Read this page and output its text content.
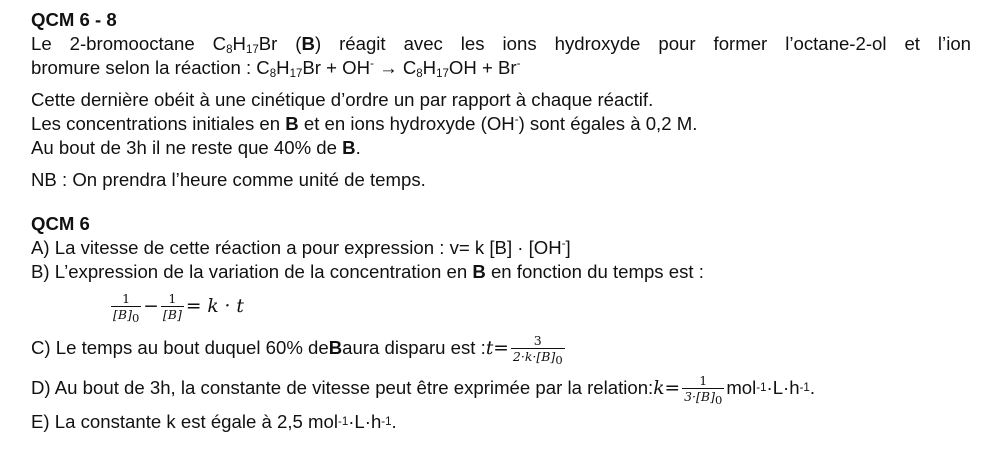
QCM 6 - 8
Le 2-bromooctane $C_8H_{17}Br$ (B) réagit avec les ions hydroxyde pour former l’octane-2-ol et l’ion
bromure selon la réaction : $C_8H_{17}Br + OH^- \to C_8H_{17}OH + Br^-$
Cette dernière obéit à une cinétique d’ordre un par rapport à chaque réactif.
Les concentrations initiales en B et en ions hydroxyde (OH-) sont égales à 0,2 M.
Au bout de 3h il ne reste que 40% de B.
NB : On prendra l’heure comme unité de temps.
QCM 6
A) La vitesse de cette réaction a pour expression : v= k [B] · [OH-]
B) L’expression de la variation de la concentration en B en fonction du temps est :
$\frac{1}{[B]_0} - \frac{1}{[B]} = k \cdot t$
C) Le temps au bout duquel 60% de B aura disparu est : $t = \frac{3}{2\cdot k\cdot[B]_0}$
D) Au bout de 3h, la constante de vitesse peut être exprimée par la relation: $k = \frac{1}{3\cdot[B]_0}$ mol -1 ·L·h -1 .
E) La constante k est égale à 2,5 mol -1 ·L·h -1 .
